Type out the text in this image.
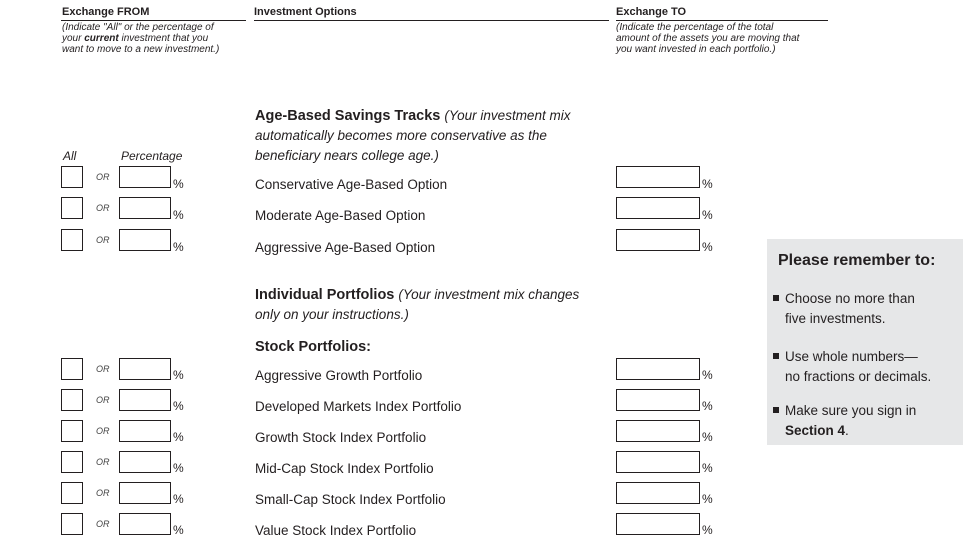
Exchange FROM	Investment Options	Exchange TO
(Indicate "All" or the percentage of
your current investment that you
want to move to a new investment.)
(Indicate the percentage of the total
amount of the assets you are moving that
you want invested in each portfolio.)
Age-Based Savings Tracks (Your investment mix
automatically becomes more conservative as the
beneficiary nears college age.)
All	Percentage
OR	%	Conservative Age-Based Option	%
OR	%	Moderate Age-Based Option	%
OR	%	Aggressive Age-Based Option	%
Individual Portfolios (Your investment mix changes
only on your instructions.)
Stock Portfolios:
OR	%	Aggressive Growth Portfolio	%
OR	%	Developed Markets Index Portfolio	%
OR	%	Growth Stock Index Portfolio	%
OR	%	Mid-Cap Stock Index Portfolio	%
OR	%	Small-Cap Stock Index Portfolio	%
OR	%	Value Stock Index Portfolio	%
Please remember to:
Choose no more than
five investments.
Use whole numbers—
no fractions or decimals.
Make sure you sign in
Section 4.
